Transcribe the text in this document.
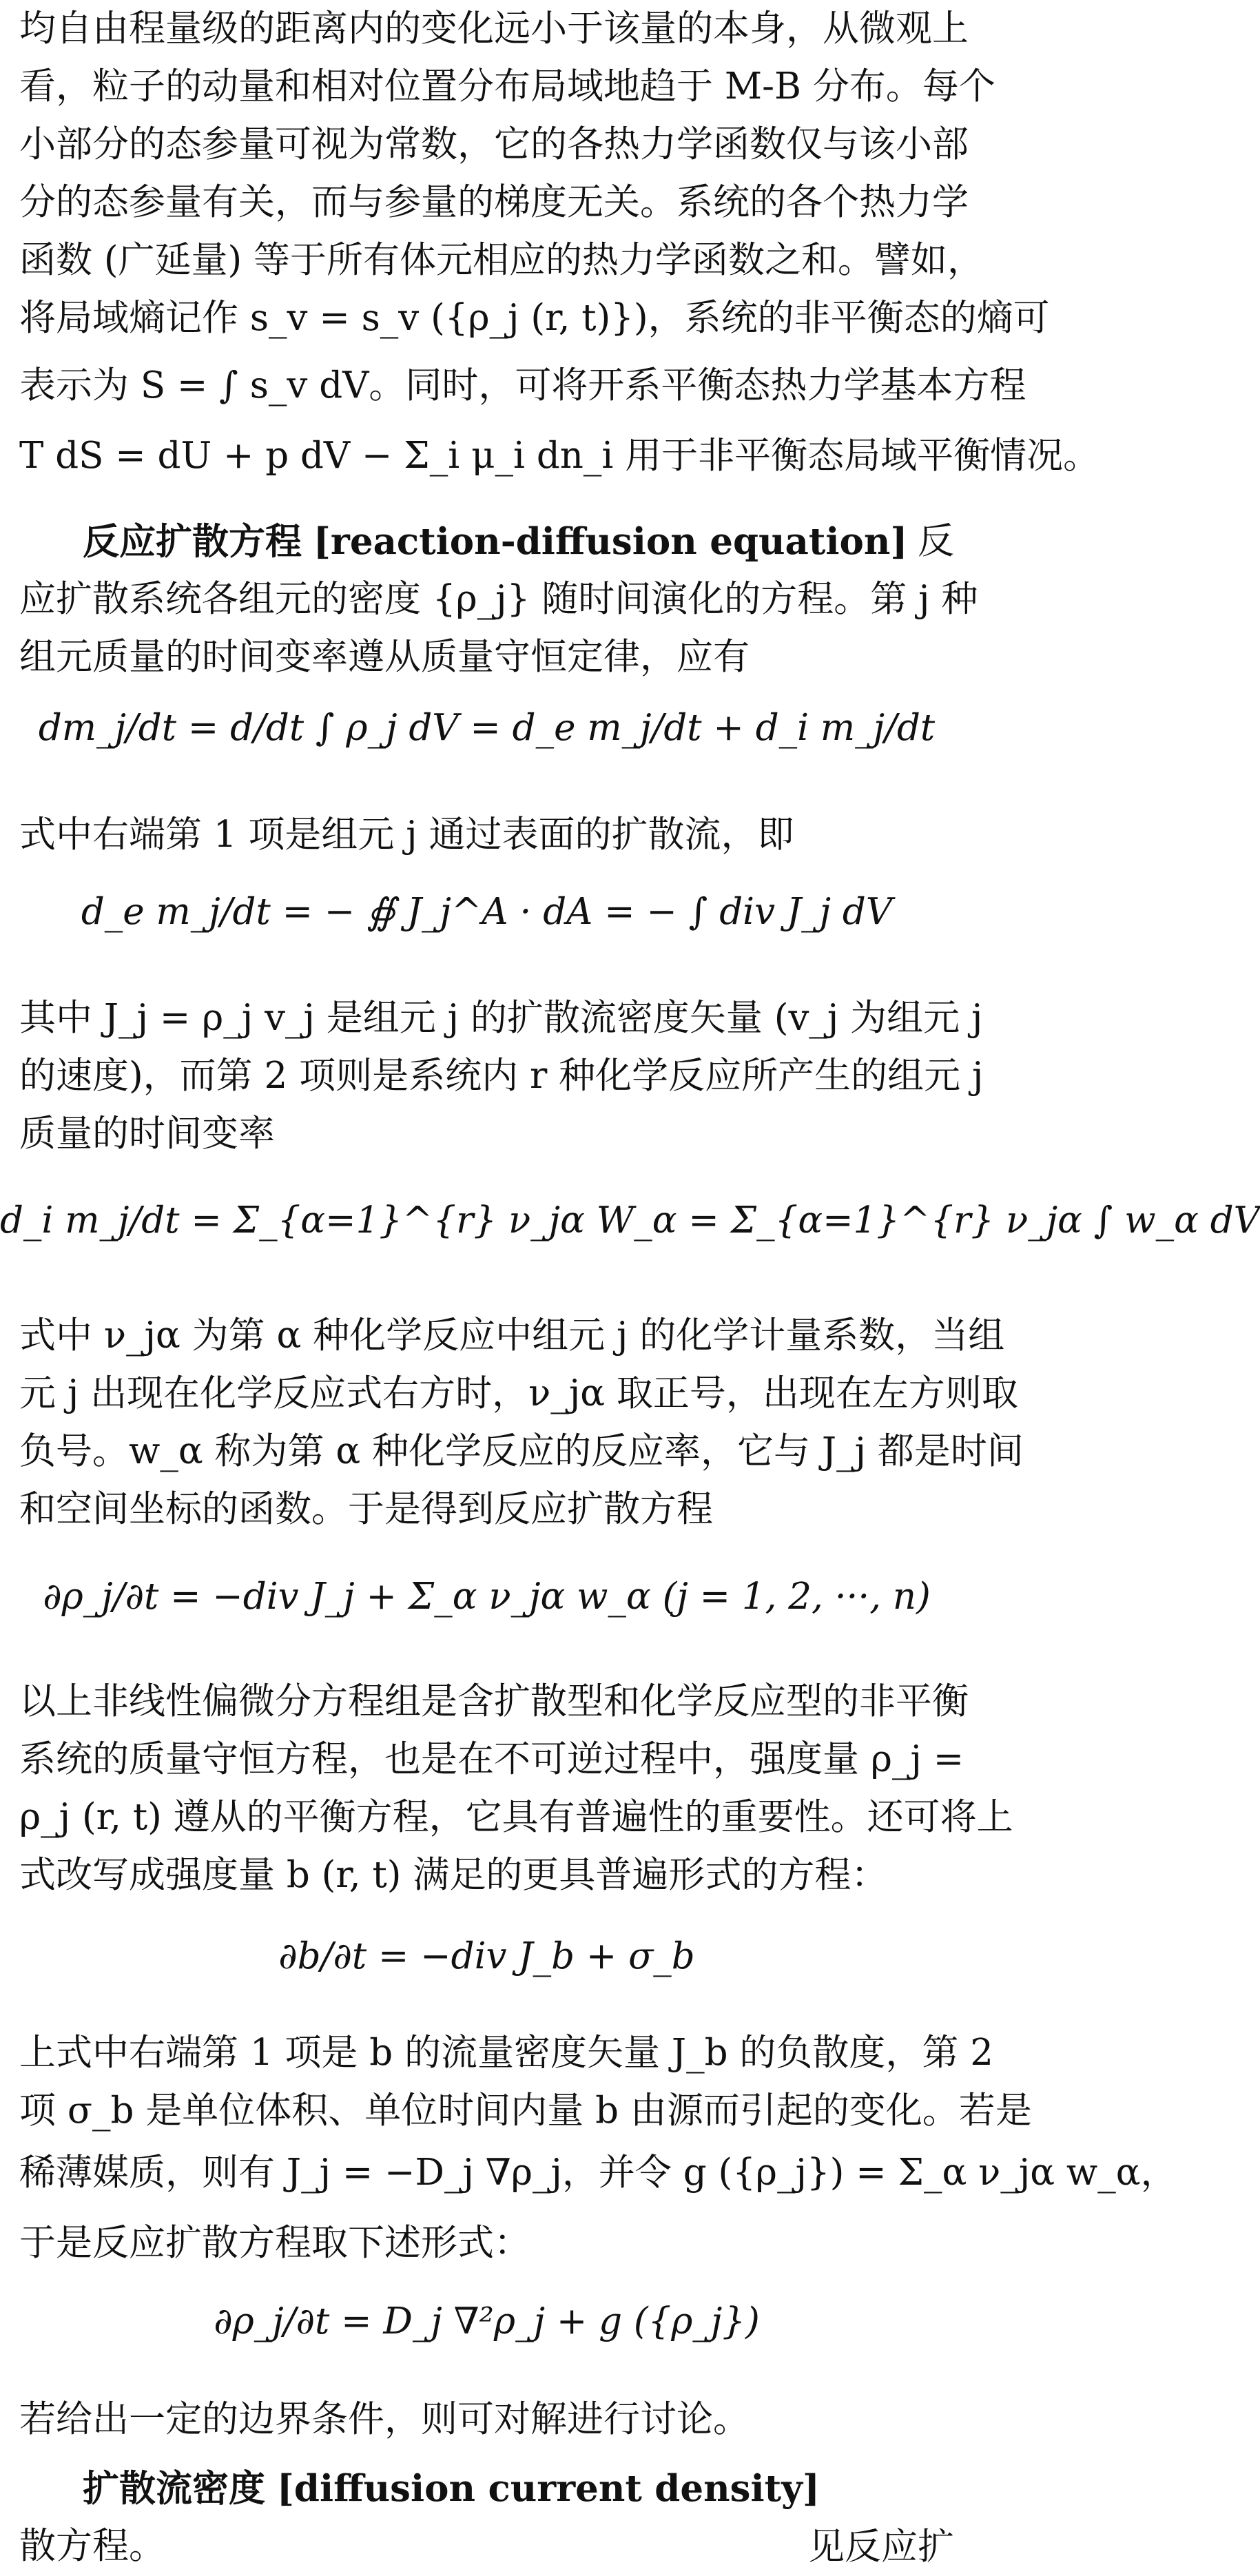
均自由程量级的距离内的变化远小于该量的本身，从微观上
看，粒子的动量和相对位置分布局域地趋于 M-B 分布。每个
小部分的态参量可视为常数，它的各热力学函数仅与该小部
分的态参量有关，而与参量的梯度无关。系统的各个热力学
函数 (广延量) 等于所有体元相应的热力学函数之和。譬如，
将局域熵记作 s_v = s_v ({ρ_j (r, t)})，系统的非平衡态的熵可
表示为 S = ∫ s_v dV。同时，可将开系平衡态热力学基本方程
T dS = dU + p dV − Σ_i μ_i dn_i 用于非平衡态局域平衡情况。
反应扩散方程 [reaction-diffusion equation] 反
应扩散系统各组元的密度 {ρ_j} 随时间演化的方程。第 j 种
组元质量的时间变率遵从质量守恒定律，应有
dm_j/dt = d/dt ∫ ρ_j dV = d_e m_j/dt + d_i m_j/dt
式中右端第 1 项是组元 j 通过表面的扩散流，即
d_e m_j/dt = − ∯ J_j^A · dA = − ∫ div J_j dV
其中 J_j = ρ_j v_j 是组元 j 的扩散流密度矢量 (v_j 为组元 j
的速度)，而第 2 项则是系统内 r 种化学反应所产生的组元 j
质量的时间变率
d_i m_j/dt = Σ_{α=1}^{r} ν_jα W_α = Σ_{α=1}^{r} ν_jα ∫ w_α dV
式中 ν_jα 为第 α 种化学反应中组元 j 的化学计量系数，当组
元 j 出现在化学反应式右方时，ν_jα 取正号，出现在左方则取
负号。w_α 称为第 α 种化学反应的反应率，它与 J_j 都是时间
和空间坐标的函数。于是得到反应扩散方程
∂ρ_j/∂t = −div J_j + Σ_α ν_jα w_α (j = 1, 2, ···, n)
以上非线性偏微分方程组是含扩散型和化学反应型的非平衡
系统的质量守恒方程，也是在不可逆过程中，强度量 ρ_j =
ρ_j (r, t) 遵从的平衡方程，它具有普遍性的重要性。还可将上
式改写成强度量 b (r, t) 满足的更具普遍形式的方程：
∂b/∂t = −div J_b + σ_b
上式中右端第 1 项是 b 的流量密度矢量 J_b 的负散度，第 2
项 σ_b 是单位体积、单位时间内量 b 由源而引起的变化。若是
稀薄媒质，则有 J_j = −D_j ∇ρ_j，并令 g ({ρ_j}) = Σ_α ν_jα w_α，
于是反应扩散方程取下述形式：
∂ρ_j/∂t = D_j ∇²ρ_j + g ({ρ_j})
若给出一定的边界条件，则可对解进行讨论。
扩散流密度 [diffusion current density]
见反应扩
散方程。
